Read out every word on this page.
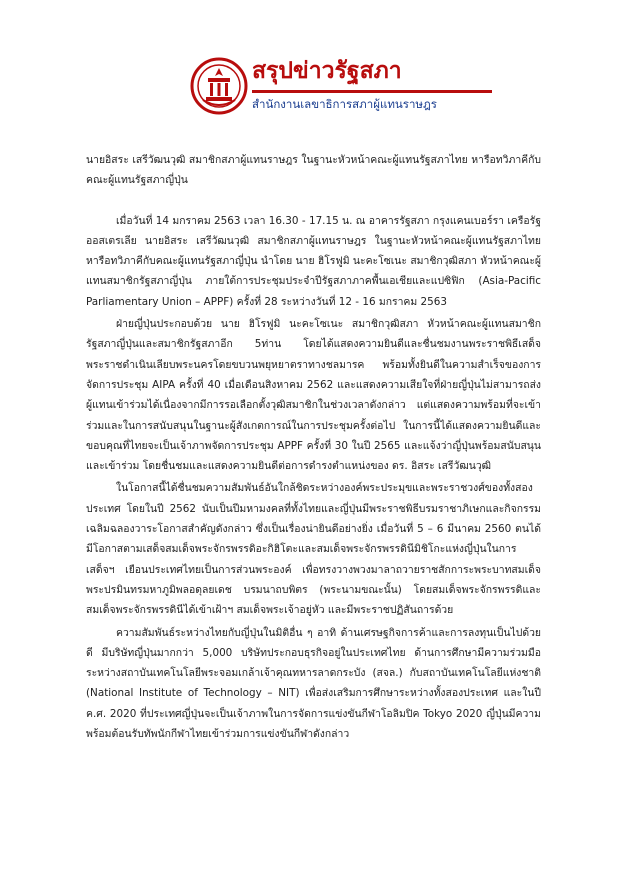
สรุปข่าวรัฐสภา
สำนักงานเลขาธิการสภาผู้แทนราษฎร

นายอิสระ เสรีวัฒนวุฒิ สมาชิกสภาผู้แทนราษฎร ในฐานะหัวหน้าคณะผู้แทนรัฐสภาไทย หารือทวิภาคีกับคณะผู้แทนรัฐสภาญี่ปุ่น

เมื่อวันที่ 14 มกราคม 2563 เวลา 16.30 - 17.15 น. ณ อาคารรัฐสภา กรุงแคนเบอร์รา เครือรัฐออสเตรเลีย นายอิสระ เสรีวัฒนวุฒิ สมาชิกสภาผู้แทนราษฎร ในฐานะหัวหน้าคณะผู้แทนรัฐสภาไทย หารือทวิภาคีกับคณะผู้แทนรัฐสภาญี่ปุ่น นำโดย นาย ฮิโรฟูมิ นะคะโซเนะ สมาชิกวุฒิสภา หัวหน้าคณะผู้แทนสมาชิกรัฐสภาญี่ปุ่น ภายใต้การประชุมประจำปีรัฐสภาภาคพื้นเอเชียและแปซิฟิก (Asia-Pacific Parliamentary Union – APPF) ครั้งที่ 28 ระหว่างวันที่ 12 - 16 มกราคม 2563

ฝ่ายญี่ปุ่นประกอบด้วย นาย ฮิโรฟูมิ นะคะโซเนะ สมาชิกวุฒิสภา หัวหน้าคณะผู้แทนสมาชิกรัฐสภาญี่ปุ่นและสมาชิกรัฐสภาอีก 5ท่าน โดยได้แสดงความยินดีและชื่นชมงานพระราชพิธีเสด็จพระราชดำเนินเลียบพระนครโดยขบวนพยุหยาตราทางชลมารค พร้อมทั้งยินดีในความสำเร็จของการจัดการประชุม AIPA ครั้งที่ 40 เมื่อเดือนสิงหาคม 2562 และแสดงความเสียใจที่ฝ่ายญี่ปุ่นไม่สามารถส่งผู้แทนเข้าร่วมได้เนื่องจากมีการรอเลือกตั้งวุฒิสมาชิกในช่วงเวลาดังกล่าว แต่แสดงความพร้อมที่จะเข้าร่วมและในการสนับสนุนในฐานะผู้สังเกตการณ์ในการประชุมครั้งต่อไป ในการนี้ได้แสดงความยินดีและขอบคุณที่ไทยจะเป็นเจ้าภาพจัดการประชุม APPF ครั้งที่ 30 ในปี 2565 และแจ้งว่าญี่ปุ่นพร้อมสนับสนุนและเข้าร่วม โดยชื่นชมและแสดงความยินดีต่อการดำรงตำแหน่งของ ดร. อิสระ เสรีวัฒนวุฒิ

ในโอกาสนี้ได้ชื่นชมความสัมพันธ์อันใกล้ชิดระหว่างองค์พระประมุขและพระราชวงศ์ของทั้งสองประเทศ โดยในปี 2562 นับเป็นปีมหามงคลที่ทั้งไทยและญี่ปุ่นมีพระราชพิธีบรมราชาภิเษกและกิจกรรมเฉลิมฉลองวาระโอกาสสำคัญดังกล่าว ซึ่งเป็นเรื่องน่ายินดีอย่างยิ่ง เมื่อวันที่ 5 – 6 มีนาคม 2560 ตนได้มีโอกาสตามเสด็จสมเด็จพระจักรพรรดิอะกิฮิโตะและสมเด็จพระจักรพรรดินีมิชิโกะแห่งญี่ปุ่นในการเสด็จฯ เยือนประเทศไทยเป็นการส่วนพระองค์ เพื่อทรงวางพวงมาลาถวายราชสักการะพระบาทสมเด็จพระปรมินทรมหาภูมิพลอดุลยเดช บรมนาถบพิตร (พระนามขณะนั้น) โดยสมเด็จพระจักรพรรดิและสมเด็จพระจักรพรรดินีได้เข้าเฝ้าฯ สมเด็จพระเจ้าอยู่หัว และมีพระราชปฏิสันถารด้วย

ความสัมพันธ์ระหว่างไทยกับญี่ปุ่นในมิติอื่น ๆ อาทิ ด้านเศรษฐกิจการค้าและการลงทุนเป็นไปด้วยดี มีบริษัทญี่ปุ่นมากกว่า 5,000 บริษัทประกอบธุรกิจอยู่ในประเทศไทย ด้านการศึกษามีความร่วมมือระหว่างสถาบันเทคโนโลยีพระจอมเกล้าเจ้าคุณทหารลาดกระบัง (สจล.) กับสถาบันเทคโนโลยีแห่งชาติ (National Institute of Technology – NIT) เพื่อส่งเสริมการศึกษาระหว่างทั้งสองประเทศ และในปี ค.ศ. 2020 ที่ประเทศญี่ปุ่นจะเป็นเจ้าภาพในการจัดการแข่งขันกีฬาโอลิมปิค Tokyo 2020 ญี่ปุ่นมีความพร้อมต้อนรับทัพนักกีฬาไทยเข้าร่วมการแข่งขันกีฬาดังกล่าว
